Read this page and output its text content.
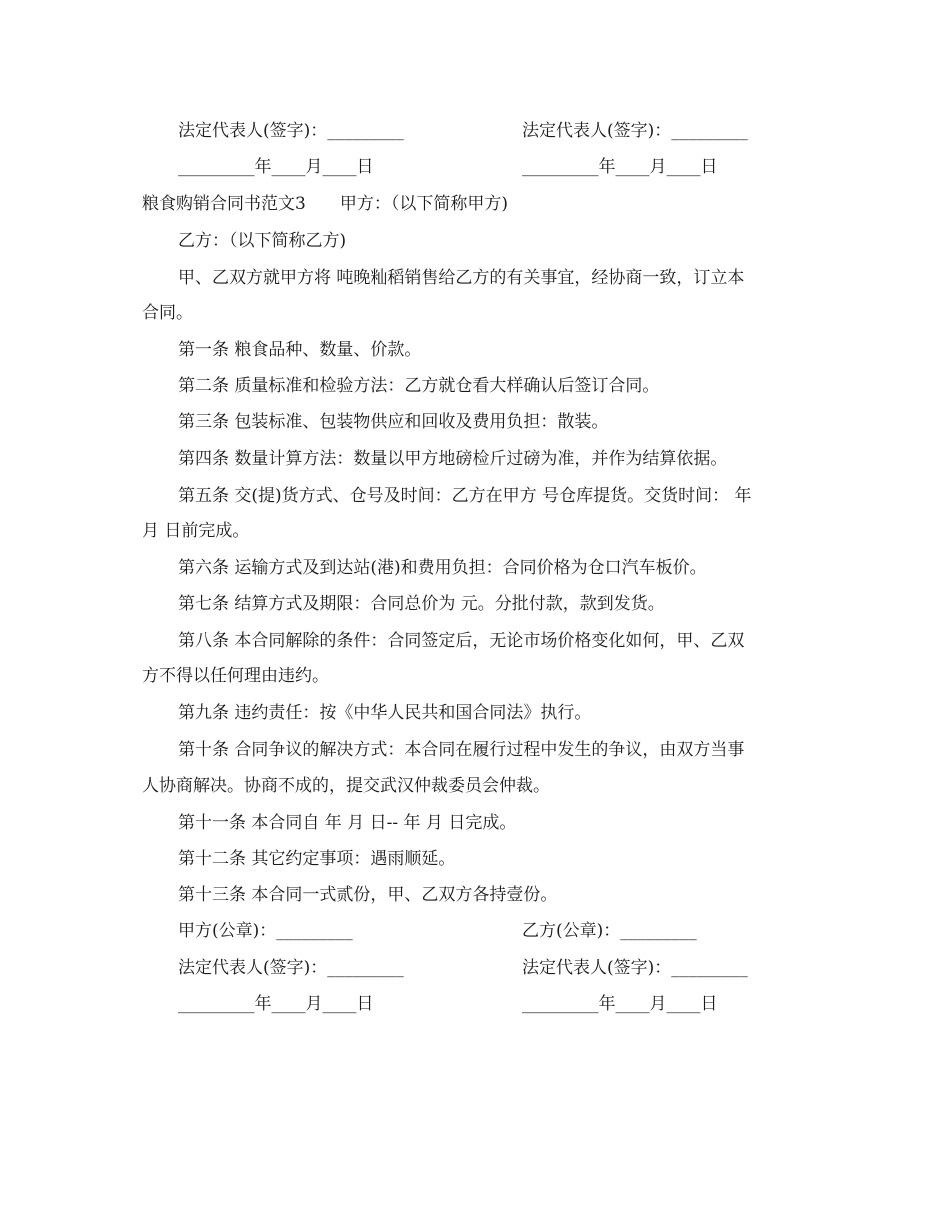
法定代表人(签字)：_________	法定代表人(签字)：_________
_________年____月____日	_________年____月____日
粮食购销合同书范文3　　甲方：（以下简称甲方)
乙方：（以下简称乙方)
甲、乙双方就甲方将 吨晚籼稻销售给乙方的有关事宜，经协商一致，订立本
合同。
第一条 粮食品种、数量、价款。
第二条 质量标准和检验方法：乙方就仓看大样确认后签订合同。
第三条 包装标准、包装物供应和回收及费用负担：散装。
第四条 数量计算方法：数量以甲方地磅检斤过磅为准，并作为结算依据。
第五条 交(提)货方式、仓号及时间：乙方在甲方 号仓库提货。交货时间： 年
月 日前完成。
第六条 运输方式及到达站(港)和费用负担：合同价格为仓口汽车板价。
第七条 结算方式及期限：合同总价为 元。分批付款，款到发货。
第八条 本合同解除的条件：合同签定后，无论市场价格变化如何，甲、乙双
方不得以任何理由违约。
第九条 违约责任：按《中华人民共和国合同法》执行。
第十条 合同争议的解决方式：本合同在履行过程中发生的争议，由双方当事
人协商解决。协商不成的，提交武汉仲裁委员会仲裁。
第十一条 本合同自 年 月 日-- 年 月 日完成。
第十二条 其它约定事项：遇雨顺延。
第十三条 本合同一式贰份，甲、乙双方各持壹份。
甲方(公章)：_________	乙方(公章)：_________
法定代表人(签字)：_________	法定代表人(签字)：_________
_________年____月____日	_________年____月____日
